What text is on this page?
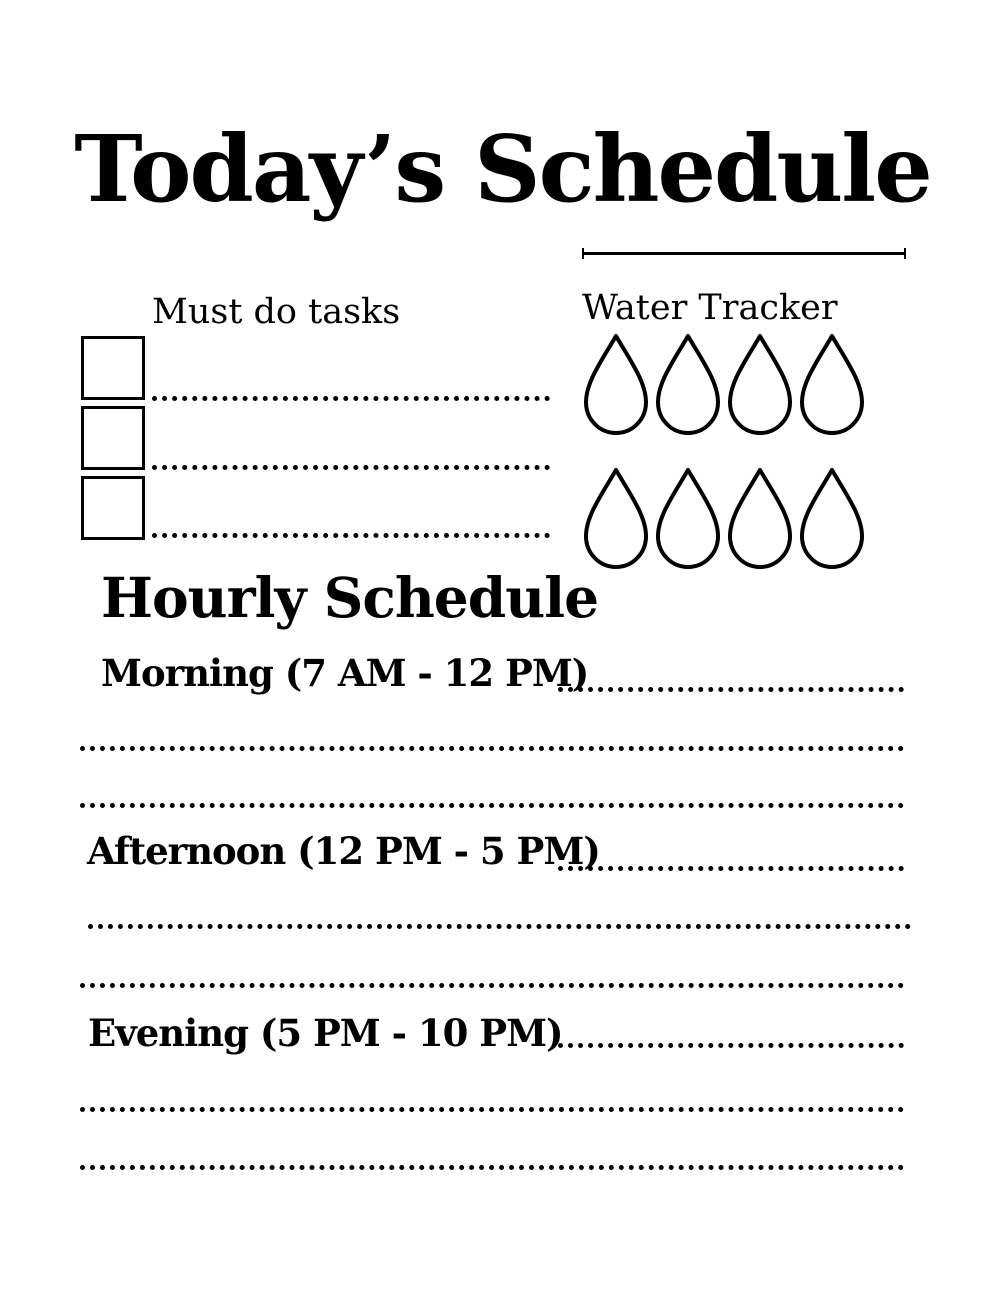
Today’s Schedule
Must do tasks	Water Tracker
Hourly Schedule
Morning (7 AM - 12 PM)
Afternoon (12 PM - 5 PM)
Evening (5 PM - 10 PM)
